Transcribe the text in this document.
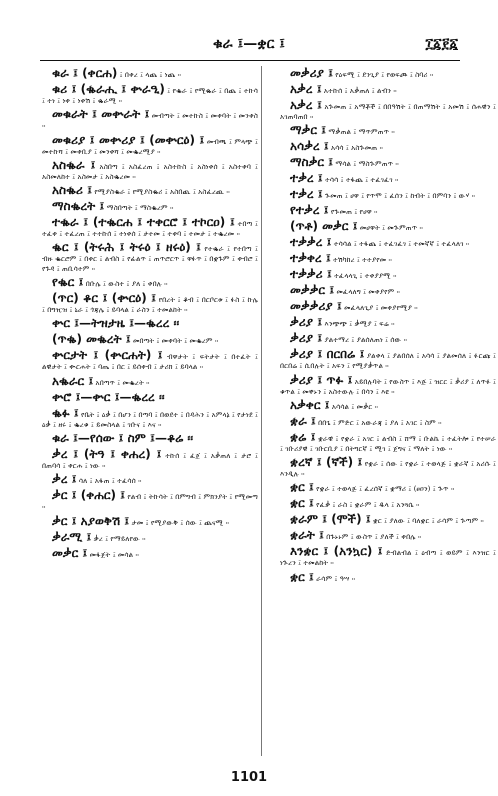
ቁራ ፤—ቋር ፤	፲፩፻፩

ቁራ ፤ (ቀርሐ) ፤ በቀረ ፤ ላጨ ፤ ነጨ ፡፡

ቁሪ ፤ (ቈራሒ ፤ ቍራዒ) ፤ የቈራ ፤ የሚቈራ ፤ በጨ ፤ ተኩሳ ፤ ተነ ፤ ነቀ ፤ ነቀሽ ፤ ቈራሚ ፡፡

መቁራት ፤ መቍራት ፤ መብጣት ፤ መተኩስ ፤ መቀባት ፤ መንቀስ ፡፡

መቁሪያ ፤ መቍሪያ ፤ (መቍርዕ) ፤ መብጫ ፤ ምላጭ ፤ መተኩሻ ፤ መቀቢያ ፤ መንቀሻ ፤ መቈረሚያ ፡፡

አስቈራ ፤ አስበጣ ፤ አስፈረጠ ፤ አስተኩስ ፤ አስነቀሰ ፤ አስተቀባ ፤ አስመለከተ ፤ አስመታ ፤ አስቈረመ ፡፡

አስቈሪ ፤ የሚያስቈራ ፤ የሚያስቈሪ ፤ አስበጪ ፤ አስፈረጪ ፡፡

ማስቈረት ፤ ማስበጣት ፤ ማስቈረም ፡፡

ተቈራ ፤ (ተቈርሐ ፤ ተቀርሮ ፤ ተኮርዐ) ፤ ተበጣ ፤ ተፈቀ ፤ ተፈረጠ ፤ ተተኩሰ ፤ ተነቀሰ ፤ ታተመ ፤ ተቀባ ፤ ተመታ ፤ ተቈረመ ፡፡

ቈር ፤ (ትሩሕ ፤ ትሩዕ ፤ ዘሩዕ) ፤ የተቈራ ፤ የተበጣ ፤ ብዙ ቈርሮም ፤ በቀር ፤ ልብስ ፤ የፊልጥ ፤ ጠጥሮርጥ ፤ ዋፉጥ ፤ በቋጉም ፤ ቀብሮ ፤ የጉዳ ፤ ጠቢሳተም ፡፡

የቈር ፤ በቡሌ ፤ ውስተ ፤ ያለ ፤ ቀበሉ ፡፡

(ጥር) ቆር ፤ (ቍርዕ) ፤ የበረት ፤ ቆብ ፤ በርቦርቱ ፤ ፉስ ፤ ኩሌ ፤ በግዢዝ ፤ ኒራ ፤ ጎጃሌ ፤ ይባላል ፤ ራስን ፤ ተመልከት ፡፡

ቍር ፤—ትዝታዜ ፤—ቈረረ ፡፡

(ጥቈ) መቈረት ፤ መበጣት ፤ መቀባት ፤ መቈረም ፡፡

ቍርታት ፤ (ቍርሐት) ፤ ብዋታት ፤ ፍትታት ፤ በተፈት ፤ ልዊታት ፤ ቍርሐት ፤ ባጤ ፤ በር ፤ ይሰቀብ ፤ ታሪክ ፤ ይባላል ፡፡

አቈራር ፤ አበጣጥ ፤ መቈረት ፡፡

ቍሮ ፤—ቍር ፤—ቈረረ ፡፡

ቈፉ ፤ የቤት ፤ ዕቃ ፤ በሆን ፤ በጣባ ፤ በወደተ ፤ በዳሕን ፤ አምላኔ ፤ የታነደ ፤ ዕቃ ፤ ዘሩ ፤ ቈረቁ ፤ ይመስላል ፤ ገቡና ፤ እና ፡፡

ቁራ ፤—የሰው ፤ ስም ፤—ቆሬ ፡፡

ቃረ ፤ (ትዓ ፤ ቀሐረ) ፤ ተኩሰ ፤ ፈጀ ፤ አቃጠለ ፤ ታሮ ፤ በጠባሳ ፤ ቀርሐ ፤ ነው ፡፡

ቃረ ፤ ሳለ ፤ አፋጠ ፤ ተፈሳሰ ፡፡

ቃር ፤ (ቀሐር) ፤ የልብ ፤ ትኩሳት ፤ በምግብ ፤ ምክንያት ፤ የሚመጣ ፡፡

ቃር ፤ አያወቅሽ ፤ ታመ ፤ የሚያውቅ ፤ ሰው ፤ ጨናሚ ፡፡

ቃራሚ ፤ ቃረ ፤ የማይለየው ፡፡

መቃር ፤ መፋጀት ፤ መሳል ፡፡

መቃሪያ ፤ የዕፍሚ ፤ ደንጊያ ፤ የወፍጮ ፤ ስባሪ ፡፡

አቃረ ፤ አተኩሰ ፤ አቃጠለ ፤ ልብን ፡፡

አቃረ ፤ አጕመጠ ፤ አማቾች ፤ በበዓሽት ፤ በጠማሽት ፤ አመሽ ፤ ሰሐዊን ፤ አገጠባጠበ ፡፡

ማቃር ፤ ማቃጠል ፤ ማጥምጠጥ ፡፡

አሳቃረ ፤ አሳሳ ፤ አስጕመጠ ፡፡

ማስቃር ፤ ማሳል ፤ ማስጕምጠጥ ፡፡

ተቃረ ፤ ተሳሳ ፤ ተፋጨ ፤ ተፈገፈገ ፡፡

ተቃረ ፤ ጕመጠ ፤ ሀዋ ፤ የጥሞ ፤ ፈሰን ፤ ከብት ፤ በምባን ፤ ውሃ ፡፡

የተቃረ ፤ የጕመጠ ፤ የሀዋ ፡፡

(ጥቶ) መቃር ፤ መሀዋት ፤ መጕምጠጥ ፡፡

ተቃቃረ ፤ ተሳሳል ፤ ተፋጨ ፤ ተፈገፈገ ፤ ተመኛኛ ፤ ተፈላለገ ፡፡

ተቃቀረ ፤ ተሽካከረ ፤ ተተያየመ ፡፡

ተቃቃሪ ፤ ተፈላላጊ ፤ ተቀያያሚ ፡፡

መቃቃር ፤ መፈላለግ ፤ መቀያየም ፡፡

መቃቃሪያ ፤ መፈላለጊያ ፤ መቀያየሚያ ፡፡

ቃሪያ ፤ እንጭጭ ፤ ቃሚያ ፤ ፍሬ ፡፡

ቃሪያ ፤ ያልተማረ ፤ ያልሰለጠነ ፤ ሰው ፡፡

ቃሪያ ፤ በርበሬ ፤ ያልቀላ ፤ ያልበሰለ ፤ አሳሳ ፤ ያልመሰለ ፤ ፉርጩ ፤ በርበሬ ፤ ሲበሉት ፤ አፍን ፤ የሚያቃጥል ፡፡

ቃሪያ ፤ ጥፉ ፤ አይበሉባት ፤ የውስጥ ፤ እጅ ፤ ዝርር ፤ ቃሪያ ፤ ለጥፉ ፤ ቁጥል ፤ መቐኑን ፤ አስተውሉ ፤ በሳን ፤ እዩ ፡፡

አቃቀር ፤ አሳሳል ፤ መቃር ፡፡

ቋራ ፤ በበጌ ፤ ምድር ፤ አውራጃ ፤ ያለ ፤ አገር ፤ ስም ፡፡

ቋሬ ፤ ቋራዊ ፤ የቋራ ፤ አገር ፤ ልብስ ፤ ሸማ ፤ ቡልኬ ፤ ተፈትሎ ፤ የተሠራ ፤ ገቡሪያዊ ፤ ገቡርቢያ ፤ በትግርኛ ፤ ሚገ ፤ ጀግና ፤ ማለት ፤ ነው ፡፡

ቋረኛ ፤ (ኛች) ፤ የቋራ ፤ ሰው ፤ የቋራ ፤ ተወላጅ ፤ ቋራኛ ፤ አሪሱ ፤ እንዲሉ ፡፡

ቋር ፤ የቋራ ፤ ተወላጅ ፤ ፈረሰኛ ፤ ቋማሪ ፤ (ፀዐን) ፤ ጕጥ ፡፡

ቋር ፤ የፈቃ ፤ ራስ ፤ ቋራም ፤ ዱላ ፤ አንጓሴ ፡፡

ቋራም ፤ (ሞች) ፤ ቋር ፤ ያለው ፤ ባለቋር ፤ ራሳም ፤ ጕጣም ፡፡

ቋራት ፤ በጉኑኑም ፤ ውስጥ ፤ ያለች ፤ ቀበሌ ፡፡

እንቋር ፤ (አንኳር) ፤ ድብልብል ፤ ዕብጣ ፤ ወይም ፤ እንዝር ፤ ነጕረን ፤ ተመልከት ፡፡

ቋር ፤ ራሳም ፤ ዓሣ ፡፡

1101
